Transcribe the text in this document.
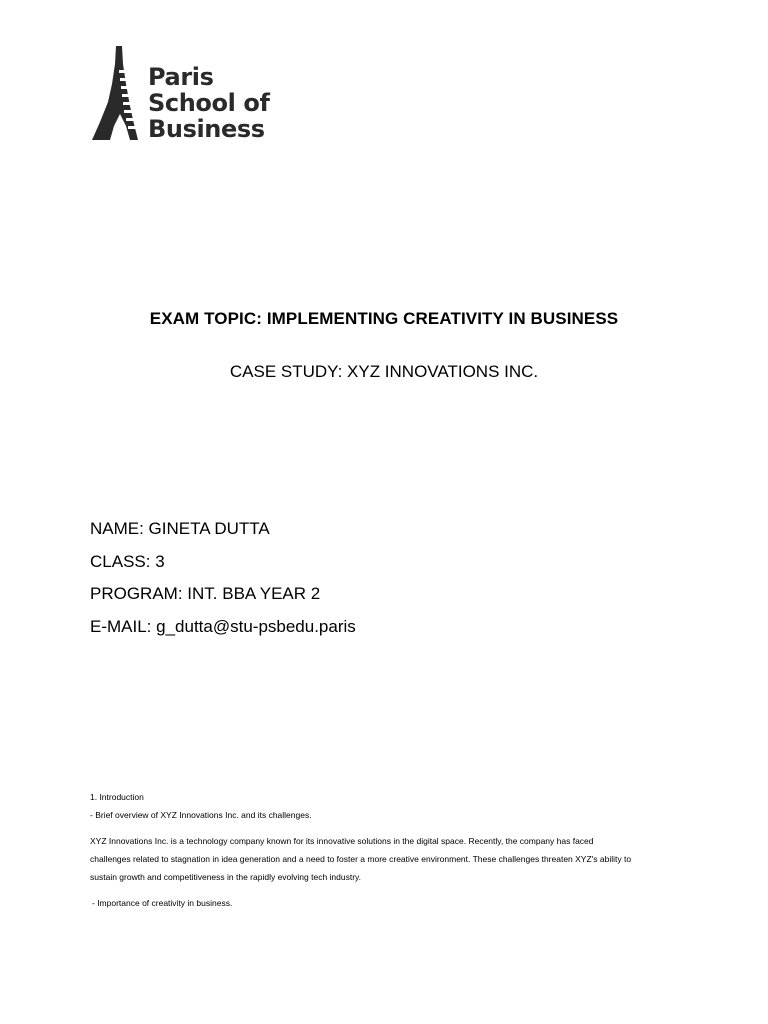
Paris
School of
Business
EXAM TOPIC: IMPLEMENTING CREATIVITY IN BUSINESS
CASE STUDY: XYZ INNOVATIONS INC.
NAME: GINETA DUTTA
CLASS: 3
PROGRAM: INT. BBA YEAR 2
E-MAIL: g_dutta@stu-psbedu.paris

1. Introduction

- Brief overview of XYZ Innovations Inc. and its challenges.

XYZ Innovations Inc. is a technology company known for its innovative solutions in the digital space. Recently, the company has faced

challenges related to stagnation in idea generation and a need to foster a more creative environment. These challenges threaten XYZ's ability to

sustain growth and competitiveness in the rapidly evolving tech industry.

- Importance of creativity in business.
